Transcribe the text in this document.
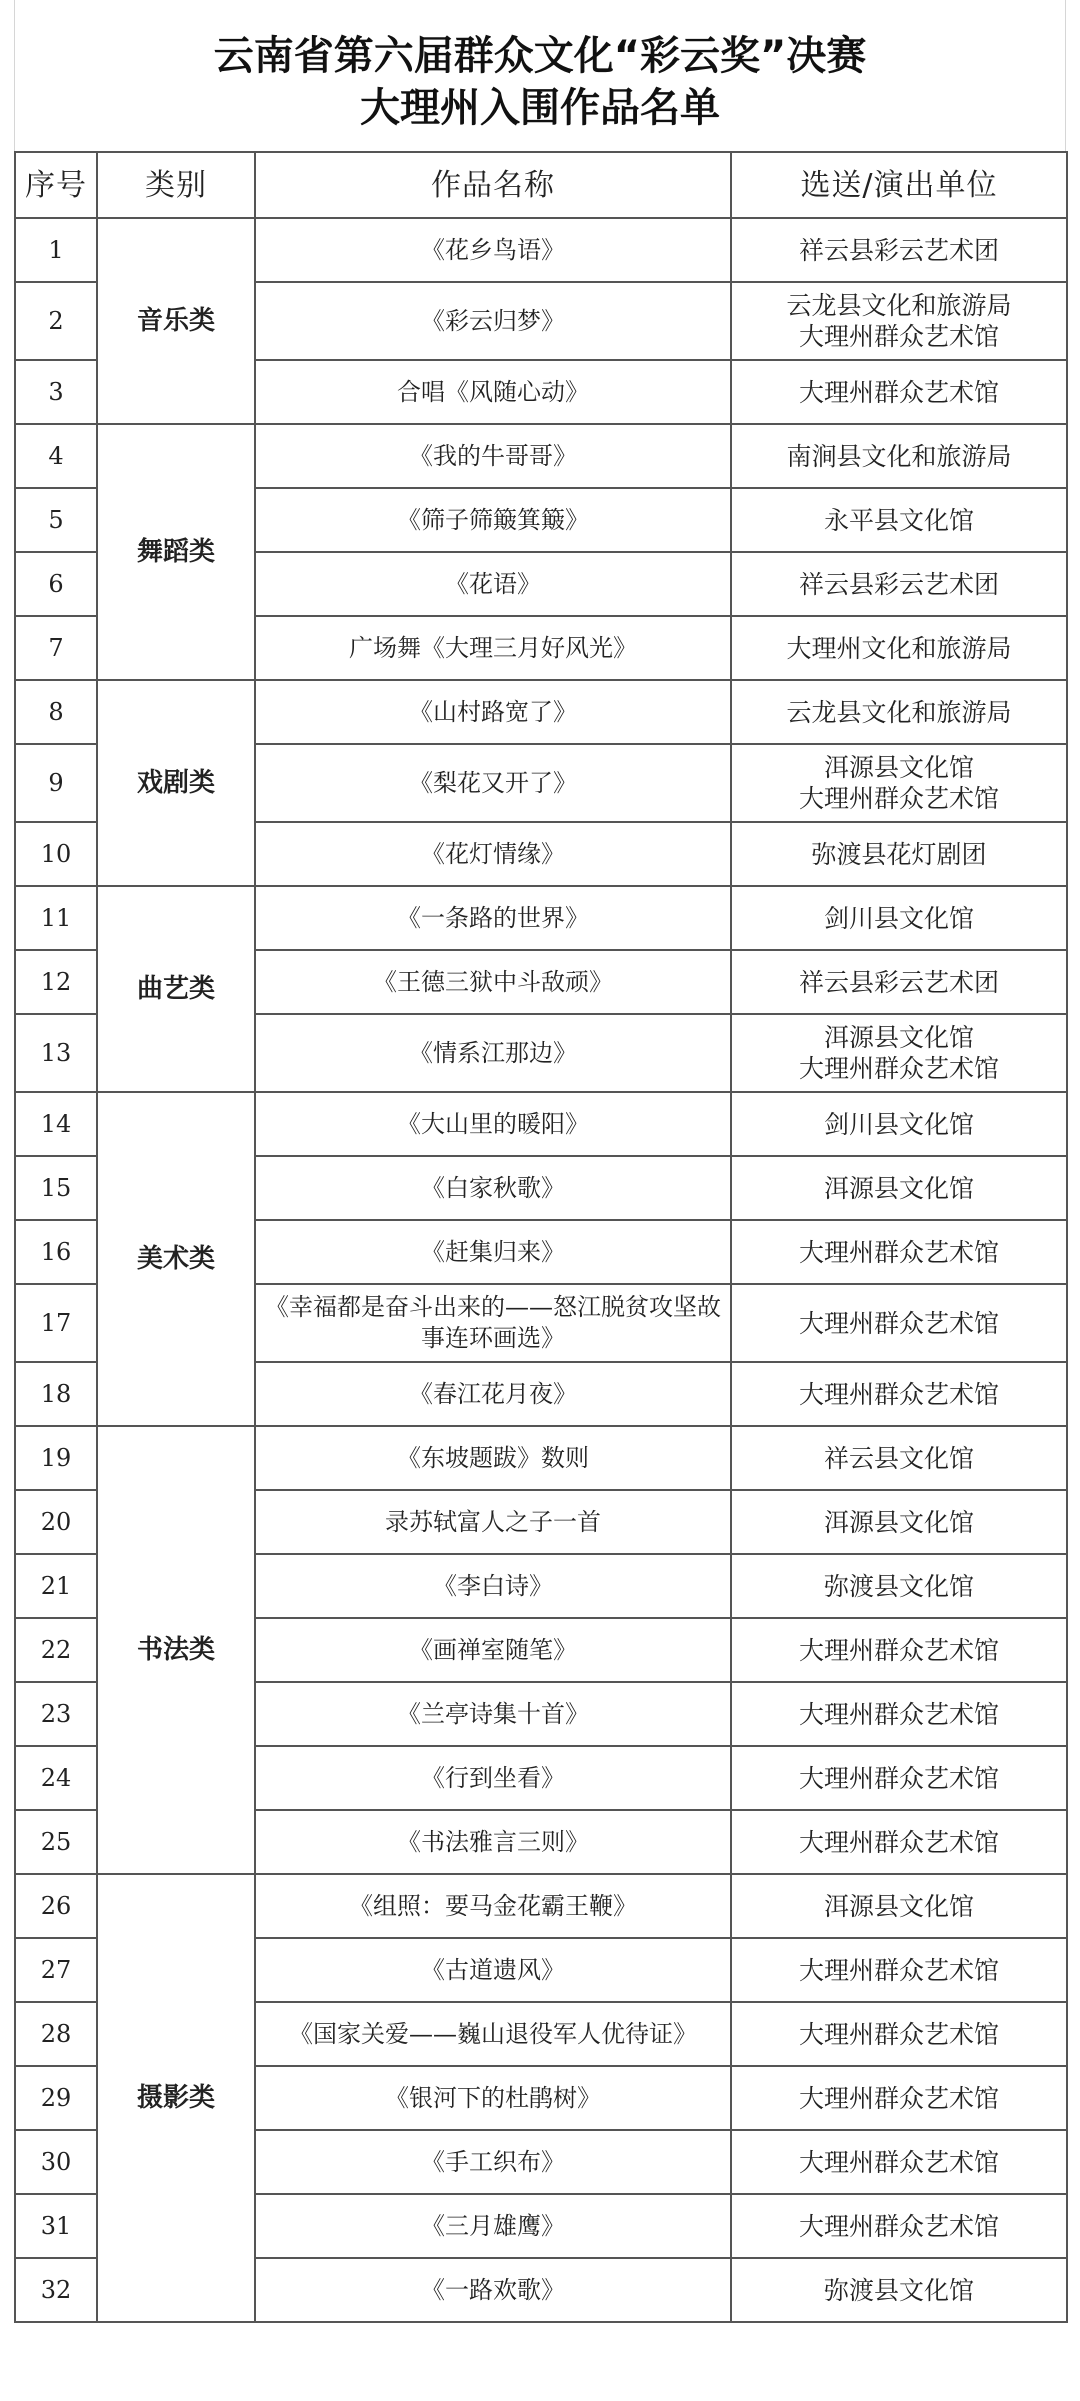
云南省第六届群众文化“彩云奖”决赛
大理州入围作品名单
序号	类别	作品名称	选送/演出单位
1	音乐类	《花乡鸟语》	祥云县彩云艺术团
2		《彩云归梦》	云龙县文化和旅游局
大理州群众艺术馆
3		合唱《风随心动》	大理州群众艺术馆
4	舞蹈类	《我的牛哥哥》	南涧县文化和旅游局
5		《筛子筛簸箕簸》	永平县文化馆
6		《花语》	祥云县彩云艺术团
7		广场舞《大理三月好风光》	大理州文化和旅游局
8	戏剧类	《山村路宽了》	云龙县文化和旅游局
9		《梨花又开了》	洱源县文化馆
大理州群众艺术馆
10		《花灯情缘》	弥渡县花灯剧团
11	曲艺类	《一条路的世界》	剑川县文化馆
12		《王德三狱中斗敌顽》	祥云县彩云艺术团
13		《情系江那边》	洱源县文化馆
大理州群众艺术馆
14	美术类	《大山里的暖阳》	剑川县文化馆
15		《白家秋歌》	洱源县文化馆
16		《赶集归来》	大理州群众艺术馆
17		《幸福都是奋斗出来的——怒江脱贫攻坚故事连环画选》	大理州群众艺术馆
18		《春江花月夜》	大理州群众艺术馆
19	书法类	《东坡题跋》数则	祥云县文化馆
20		录苏轼富人之子一首	洱源县文化馆
21		《李白诗》	弥渡县文化馆
22		《画禅室随笔》	大理州群众艺术馆
23		《兰亭诗集十首》	大理州群众艺术馆
24		《行到坐看》	大理州群众艺术馆
25		《书法雅言三则》	大理州群众艺术馆
26	摄影类	《组照：要马金花霸王鞭》	洱源县文化馆
27		《古道遗风》	大理州群众艺术馆
28		《国家关爱——巍山退役军人优待证》	大理州群众艺术馆
29		《银河下的杜鹃树》	大理州群众艺术馆
30		《手工织布》	大理州群众艺术馆
31		《三月雄鹰》	大理州群众艺术馆
32		《一路欢歌》	弥渡县文化馆
